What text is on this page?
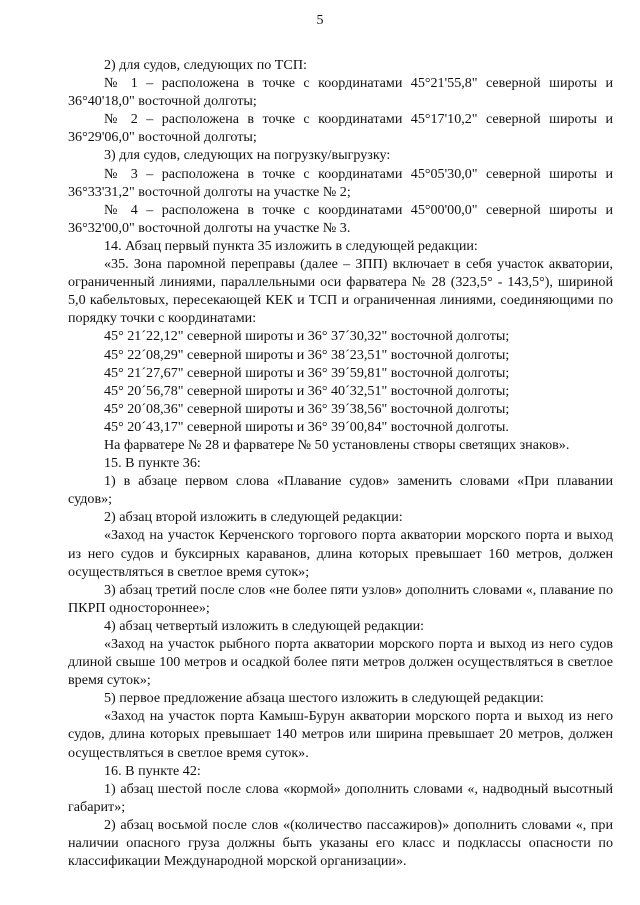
5

2) для судов, следующих по ТСП:

№ 1 – расположена в точке с координатами 45°21'55,8" северной широты и 36°40'18,0" восточной долготы;

№ 2 – расположена в точке с координатами 45°17'10,2" северной широты и 36°29'06,0" восточной долготы;

3) для судов, следующих на погрузку/выгрузку:

№ 3 – расположена в точке с координатами 45°05'30,0" северной широты и 36°33'31,2" восточной долготы на участке № 2;

№ 4 – расположена в точке с координатами 45°00'00,0" северной широты и 36°32'00,0" восточной долготы на участке № 3.

14. Абзац первый пункта 35 изложить в следующей редакции:

«35. Зона паромной переправы (далее – ЗПП) включает в себя участок акватории, ограниченный линиями, параллельными оси фарватера № 28 (323,5° - 143,5°), шириной 5,0 кабельтовых, пересекающей КЕК и ТСП и ограниченная линиями, соединяющими по порядку точки с координатами:

45° 21´22,12" северной широты и 36° 37´30,32" восточной долготы;

45° 22´08,29" северной широты и 36° 38´23,51" восточной долготы;

45° 21´27,67" северной широты и 36° 39´59,81" восточной долготы;

45° 20´56,78" северной широты и 36° 40´32,51" восточной долготы;

45° 20´08,36" северной широты и 36° 39´38,56" восточной долготы;

45° 20´43,17" северной широты и 36° 39´00,84" восточной долготы.

На фарватере № 28 и фарватере № 50 установлены створы светящих знаков».

15. В пункте 36:

1) в абзаце первом слова «Плавание судов» заменить словами «При плавании судов»;

2) абзац второй изложить в следующей редакции:

«Заход на участок Керченского торгового порта акватории морского порта и выход из него судов и буксирных караванов, длина которых превышает 160 метров, должен осуществляться в светлое время суток»;

3) абзац третий после слов «не более пяти узлов» дополнить словами «, плавание по ПКРП одностороннее»;

4) абзац четвертый изложить в следующей редакции:

«Заход на участок рыбного порта акватории морского порта и выход из него судов длиной свыше 100 метров и осадкой более пяти метров должен осуществляться в светлое время суток»;

5) первое предложение абзаца шестого изложить в следующей редакции:

«Заход на участок порта Камыш-Бурун акватории морского порта и выход из него судов, длина которых превышает 140 метров или ширина превышает 20 метров, должен осуществляться в светлое время суток».

16. В пункте 42:

1) абзац шестой после слова «кормой» дополнить словами «, надводный высотный габарит»;

2) абзац восьмой после слов «(количество пассажиров)» дополнить словами «, при наличии опасного груза должны быть указаны его класс и подклассы опасности по классификации Международной морской организации».
